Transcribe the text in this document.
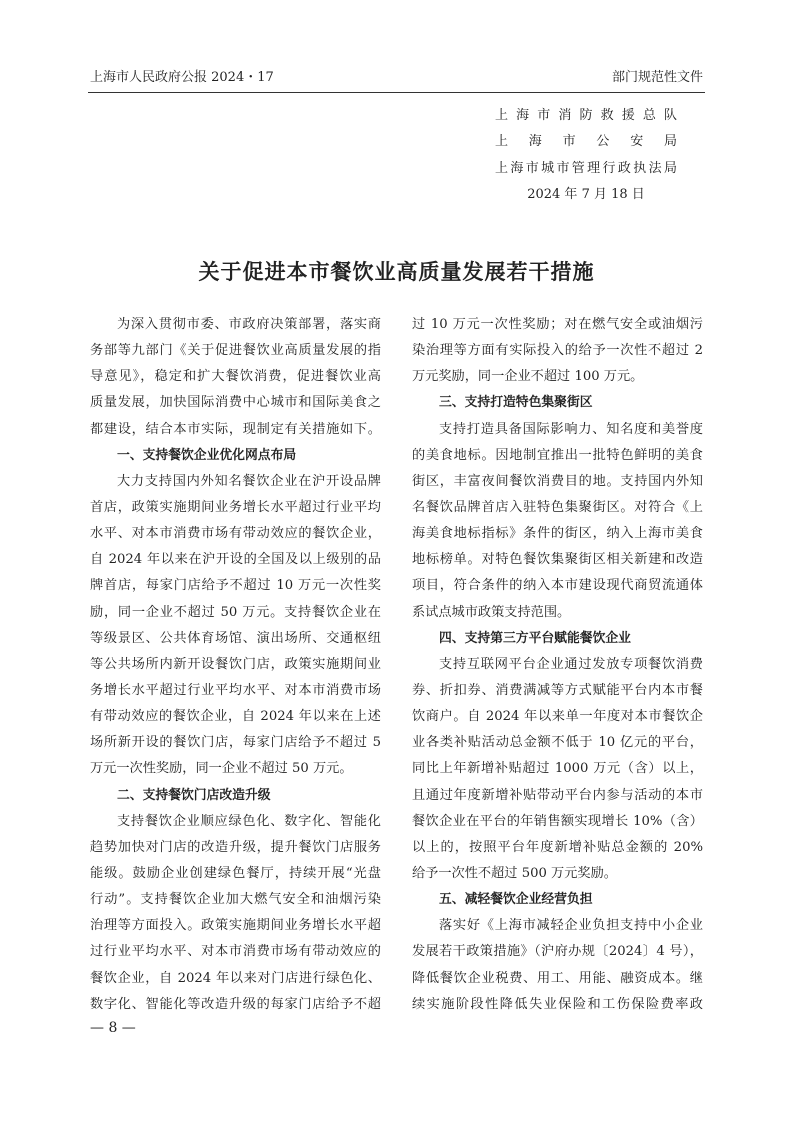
上海市人民政府公报 2024・17	部门规范性文件
上海市消防救援总队
上海市公安局
上海市城市管理行政执法局
2024 年 7 月 18 日
关于促进本市餐饮业高质量发展若干措施
为深入贯彻市委、市政府决策部署，落实商
务部等九部门《关于促进餐饮业高质量发展的指
导意见》，稳定和扩大餐饮消费，促进餐饮业高
质量发展，加快国际消费中心城市和国际美食之
都建设，结合本市实际，现制定有关措施如下。
一、支持餐饮企业优化网点布局
大力支持国内外知名餐饮企业在沪开设品牌
首店，政策实施期间业务增长水平超过行业平均
水平、对本市消费市场有带动效应的餐饮企业，
自 2024 年以来在沪开设的全国及以上级别的品
牌首店，每家门店给予不超过 10 万元一次性奖
励，同一企业不超过 50 万元。支持餐饮企业在
等级景区、公共体育场馆、演出场所、交通枢纽
等公共场所内新开设餐饮门店，政策实施期间业
务增长水平超过行业平均水平、对本市消费市场
有带动效应的餐饮企业，自 2024 年以来在上述
场所新开设的餐饮门店，每家门店给予不超过 5
万元一次性奖励，同一企业不超过 50 万元。
二、支持餐饮门店改造升级
支持餐饮企业顺应绿色化、数字化、智能化
趋势加快对门店的改造升级，提升餐饮门店服务
能级。鼓励企业创建绿色餐厅，持续开展“光盘
行动”。支持餐饮企业加大燃气安全和油烟污染
治理等方面投入。政策实施期间业务增长水平超
过行业平均水平、对本市消费市场有带动效应的
餐饮企业，自 2024 年以来对门店进行绿色化、
数字化、智能化等改造升级的每家门店给予不超
过 10 万元一次性奖励；对在燃气安全或油烟污
染治理等方面有实际投入的给予一次性不超过 2
万元奖励，同一企业不超过 100 万元。
三、支持打造特色集聚街区
支持打造具备国际影响力、知名度和美誉度
的美食地标。因地制宜推出一批特色鲜明的美食
街区，丰富夜间餐饮消费目的地。支持国内外知
名餐饮品牌首店入驻特色集聚街区。对符合《上
海美食地标指标》条件的街区，纳入上海市美食
地标榜单。对特色餐饮集聚街区相关新建和改造
项目，符合条件的纳入本市建设现代商贸流通体
系试点城市政策支持范围。
四、支持第三方平台赋能餐饮企业
支持互联网平台企业通过发放专项餐饮消费
券、折扣券、消费满减等方式赋能平台内本市餐
饮商户。自 2024 年以来单一年度对本市餐饮企
业各类补贴活动总金额不低于 10 亿元的平台，
同比上年新增补贴超过 1000 万元（含）以上，
且通过年度新增补贴带动平台内参与活动的本市
餐饮企业在平台的年销售额实现增长 10%（含）
以上的，按照平台年度新增补贴总金额的 20%
给予一次性不超过 500 万元奖励。
五、减轻餐饮企业经营负担
落实好《上海市减轻企业负担支持中小企业
发展若干政策措施》（沪府办规〔2024〕4 号），
降低餐饮企业税费、用工、用能、融资成本。继
续实施阶段性降低失业保险和工伤保险费率政
— 8 —
